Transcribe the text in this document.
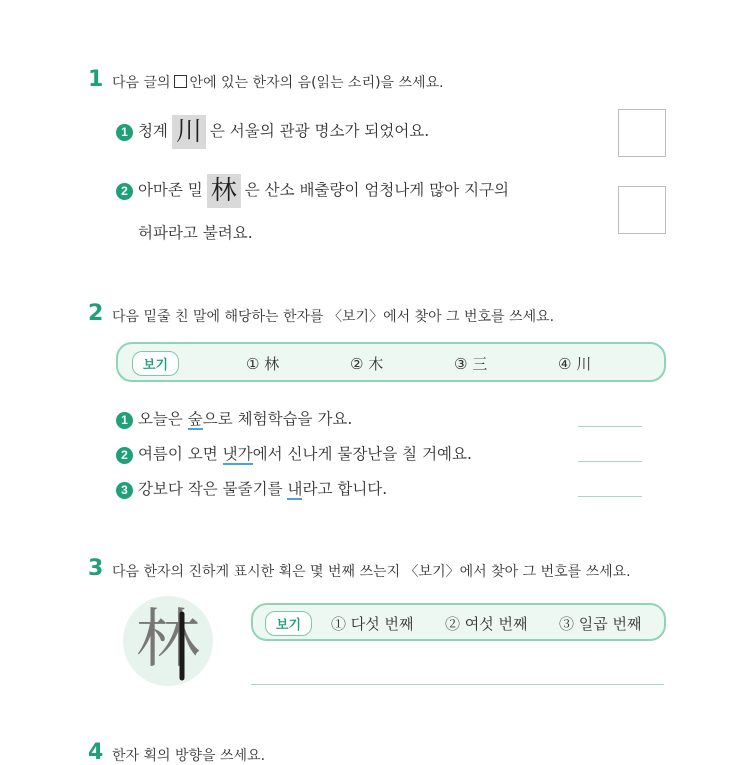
1 다음 글의 안에 있는 한자의 음(읽는 소리)을 쓰세요.
1 청계 川 은 서울의 관광 명소가 되었어요.
2 아마존 밀 林 은 산소 배출량이 엄청나게 많아 지구의
허파라고 불려요.
2 다음 밑줄 친 말에 해당하는 한자를 〈보기〉에서 찾아 그 번호를 쓰세요.
보기	① 林	② 木	③ 三	④ 川
1 오늘은 숲으로 체험학습을 가요.
2 여름이 오면 냇가에서 신나게 물장난을 칠 거예요.
3 강보다 작은 물줄기를 내라고 합니다.
3 다음 한자의 진하게 표시한 획은 몇 번째 쓰는지 〈보기〉에서 찾아 그 번호를 쓰세요.
林	보기	① 다섯 번째 ② 여섯 번째 ③ 일곱 번째
4 한자 획의 방향을 쓰세요.
